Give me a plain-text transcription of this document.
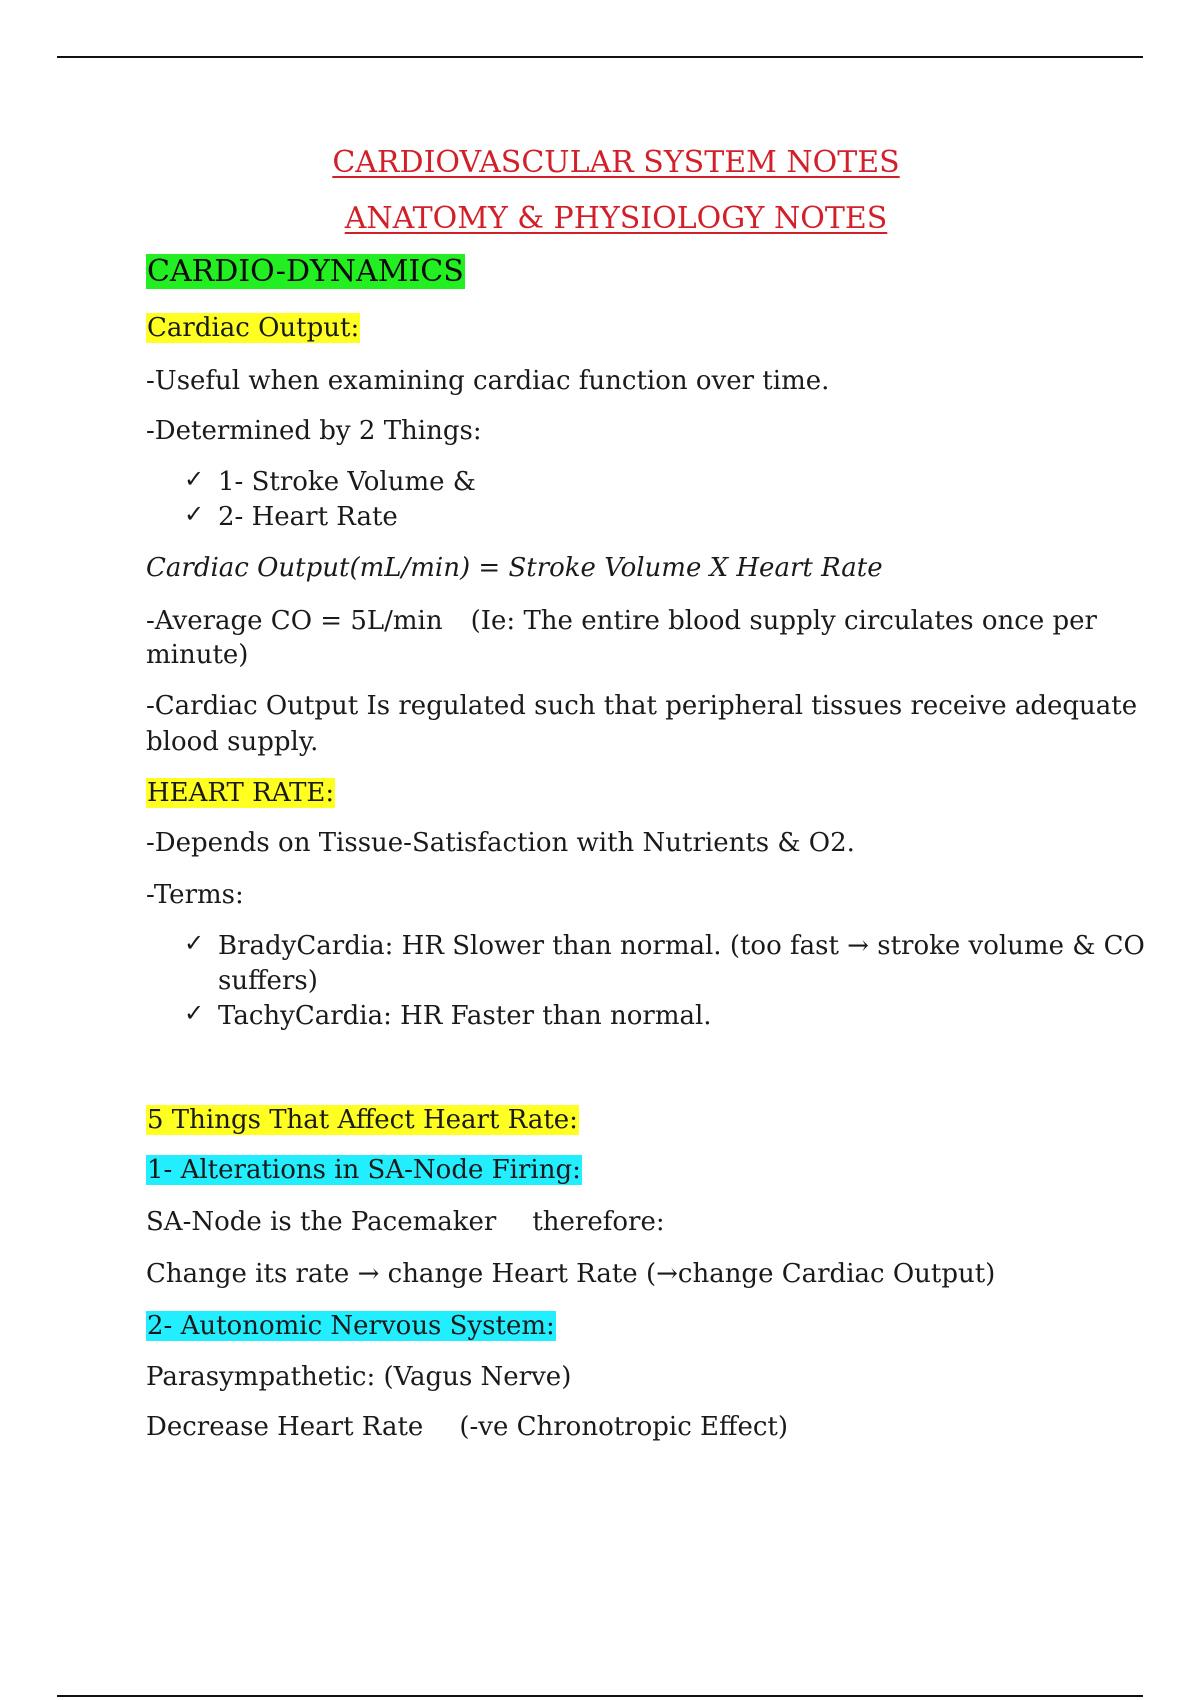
CARDIOVASCULAR SYSTEM NOTES
ANATOMY & PHYSIOLOGY NOTES
CARDIO-DYNAMICS
Cardiac Output:
-Useful when examining cardiac function over time.
-Determined by 2 Things:
✓ 1- Stroke Volume &
✓ 2- Heart Rate
Cardiac Output(mL/min) = Stroke Volume X Heart Rate
-Average CO = 5L/min (Ie: The entire blood supply circulates once per
minute)
-Cardiac Output Is regulated such that peripheral tissues receive adequate
blood supply.
HEART RATE:
-Depends on Tissue-Satisfaction with Nutrients & O2.
-Terms:
✓ BradyCardia: HR Slower than normal. (too fast → stroke volume & CO
suffers)
✓ TachyCardia: HR Faster than normal.
5 Things That Affect Heart Rate:
1- Alterations in SA-Node Firing:
SA-Node is the Pacemaker therefore:
Change its rate → change Heart Rate (→change Cardiac Output)
2- Autonomic Nervous System:
Parasympathetic: (Vagus Nerve)
Decrease Heart Rate (-ve Chronotropic Effect)
